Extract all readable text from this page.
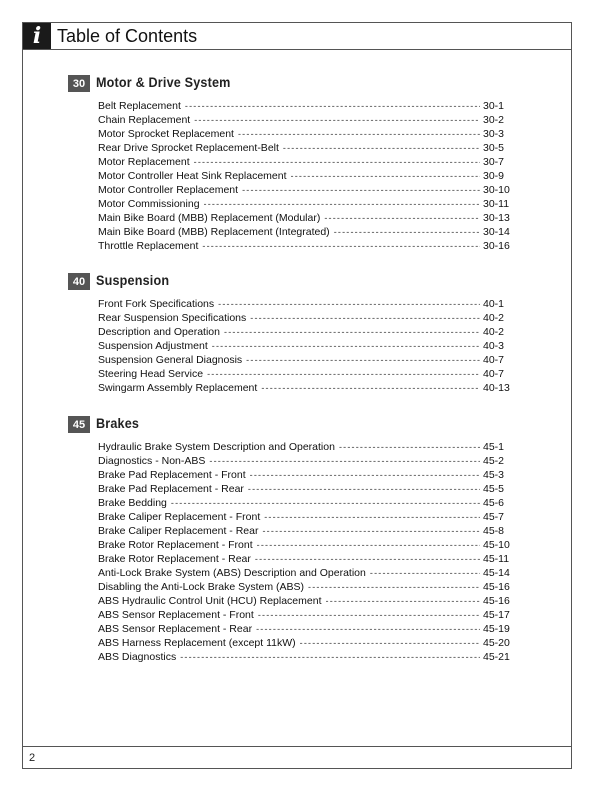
i Table of Contents
2
30 Motor & Drive System
Belt Replacement -----	30-1
Chain Replacement -----	30-2
Motor Sprocket Replacement -----	30-3
Rear Drive Sprocket Replacement-Belt -----	30-5
Motor Replacement -----	30-7
Motor Controller Heat Sink Replacement -----	30-9
Motor Controller Replacement -----	30-10
Motor Commissioning -----	30-11
Main Bike Board (MBB) Replacement (Modular) -----	30-13
Main Bike Board (MBB) Replacement (Integrated) -----	30-14
Throttle Replacement -----	30-16
40 Suspension
Front Fork Specifications -----	40-1
Rear Suspension Specifications -----	40-2
Description and Operation -----	40-2
Suspension Adjustment -----	40-3
Suspension General Diagnosis -----	40-7
Steering Head Service -----	40-7
Swingarm Assembly Replacement -----	40-13
45 Brakes
Hydraulic Brake System Description and Operation -----	45-1
Diagnostics - Non-ABS -----	45-2
Brake Pad Replacement - Front -----	45-3
Brake Pad Replacement - Rear -----	45-5
Brake Bedding -----	45-6
Brake Caliper Replacement - Front -----	45-7
Brake Caliper Replacement - Rear -----	45-8
Brake Rotor Replacement - Front -----	45-10
Brake Rotor Replacement - Rear -----	45-11
Anti-Lock Brake System (ABS) Description and Operation -----	45-14
Disabling the Anti-Lock Brake System (ABS) -----	45-16
ABS Hydraulic Control Unit (HCU) Replacement -----	45-16
ABS Sensor Replacement - Front -----	45-17
ABS Sensor Replacement - Rear -----	45-19
ABS Harness Replacement (except 11kW) -----	45-20
ABS Diagnostics -----	45-21
